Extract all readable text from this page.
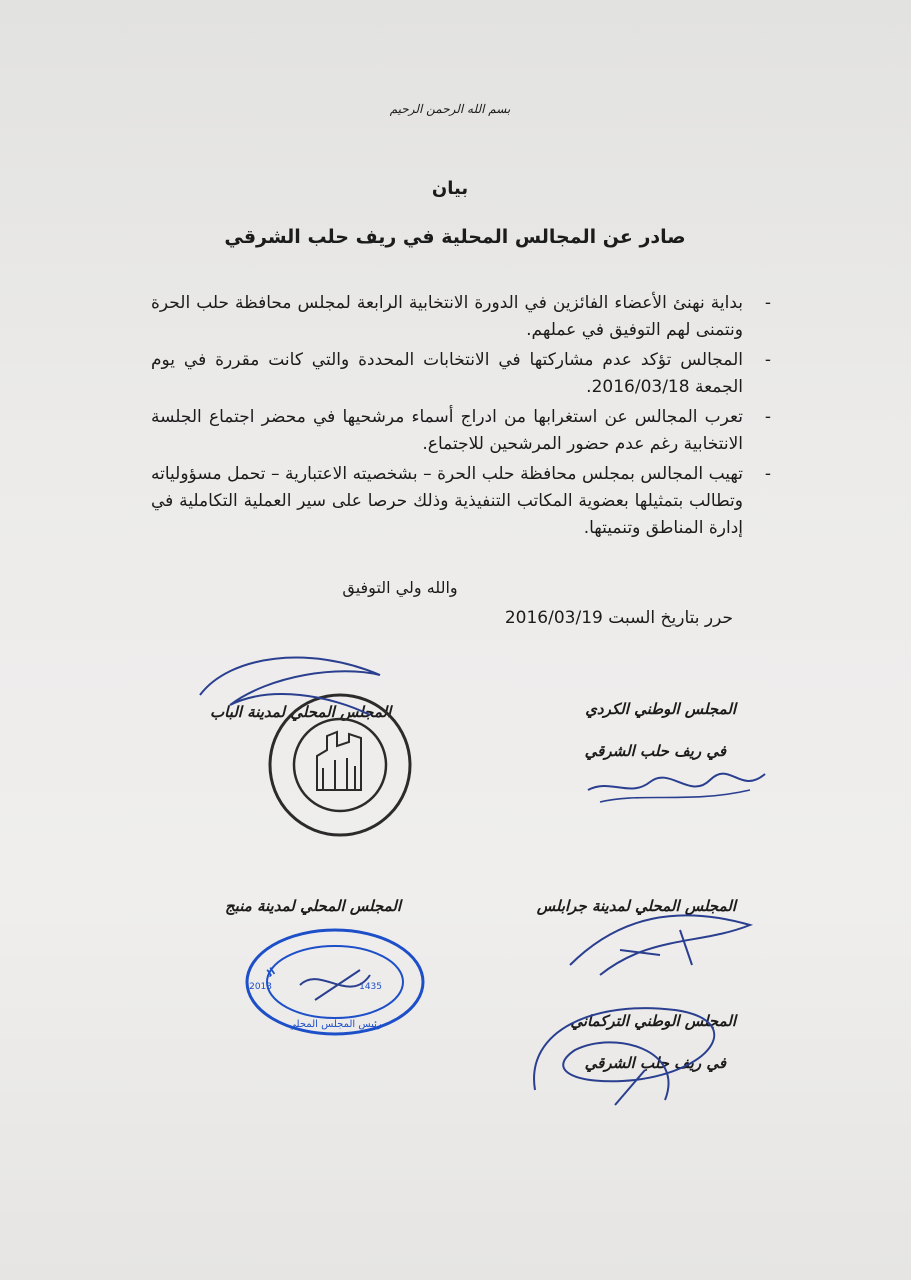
بسم الله الرحمن الرحيم
بيان
صادر عن المجالس المحلية في ريف حلب الشرقي
-
بداية نهنئ الأعضاء الفائزين في الدورة الانتخابية الرابعة لمجلس محافظة حلب الحرة ونتمنى لهم التوفيق في عملهم.
-
المجالس تؤكد عدم مشاركتها في الانتخابات المحددة والتي كانت مقررة في يوم الجمعة 2016/03/18.
-
تعرب المجالس عن استغرابها من ادراج أسماء مرشحيها في محضر اجتماع الجلسة الانتخابية رغم عدم حضور المرشحين للاجتماع.
-
تهيب المجالس بمجلس محافظة حلب الحرة – بشخصيته الاعتبارية – تحمل مسؤولياته وتطالب بتمثيلها بعضوية المكاتب التنفيذية وذلك حرصا على سير العملية التكاملية في إدارة المناطق وتنميتها.
والله ولي التوفيق
حرر بتاريخ السبت 2016/03/19
المجلس الوطني الكردي
في ريف حلب الشرقي
المجلس المحلي لمدينة الباب
مجلس المحافظة الحرة المجلس المحلي لمدينة الباب
المجلس المحلي لمدينة جرابلس
المجلس المحلي لمدينة منبج
المجلس المحلي مدينة منبج وريفها
2013	1435
رئيس المجلس المحلي	المجلس الوطني التركماني
في ريف حلب الشرقي
